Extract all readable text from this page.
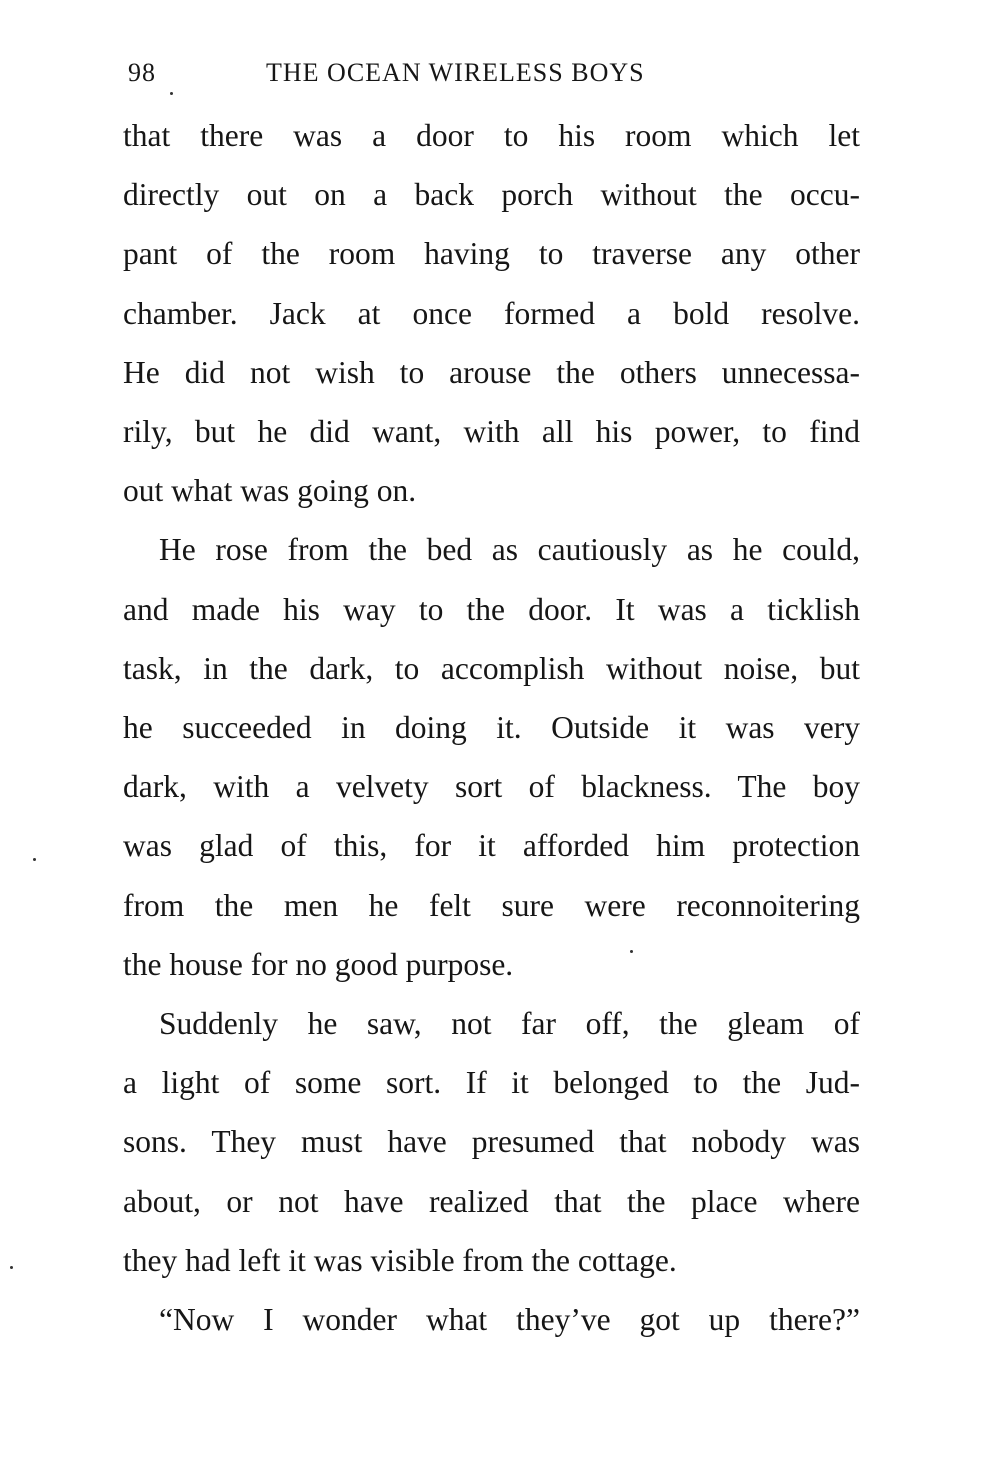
98	THE OCEAN WIRELESS BOYS

that there was a door to his room which let

directly out on a back porch without the occu-

pant of the room having to traverse any other

chamber. Jack at once formed a bold resolve.

He did not wish to arouse the others unnecessa-

rily, but he did want, with all his power, to find

out what was going on.

He rose from the bed as cautiously as he could,

and made his way to the door. It was a ticklish

task, in the dark, to accomplish without noise, but

he succeeded in doing it. Outside it was very

dark, with a velvety sort of blackness. The boy

was glad of this, for it afforded him protection

from the men he felt sure were reconnoitering

the house for no good purpose.

Suddenly he saw, not far off, the gleam of

a light of some sort. If it belonged to the Jud-

sons. They must have presumed that nobody was

about, or not have realized that the place where

they had left it was visible from the cottage.

“Now I wonder what they’ve got up there?”
